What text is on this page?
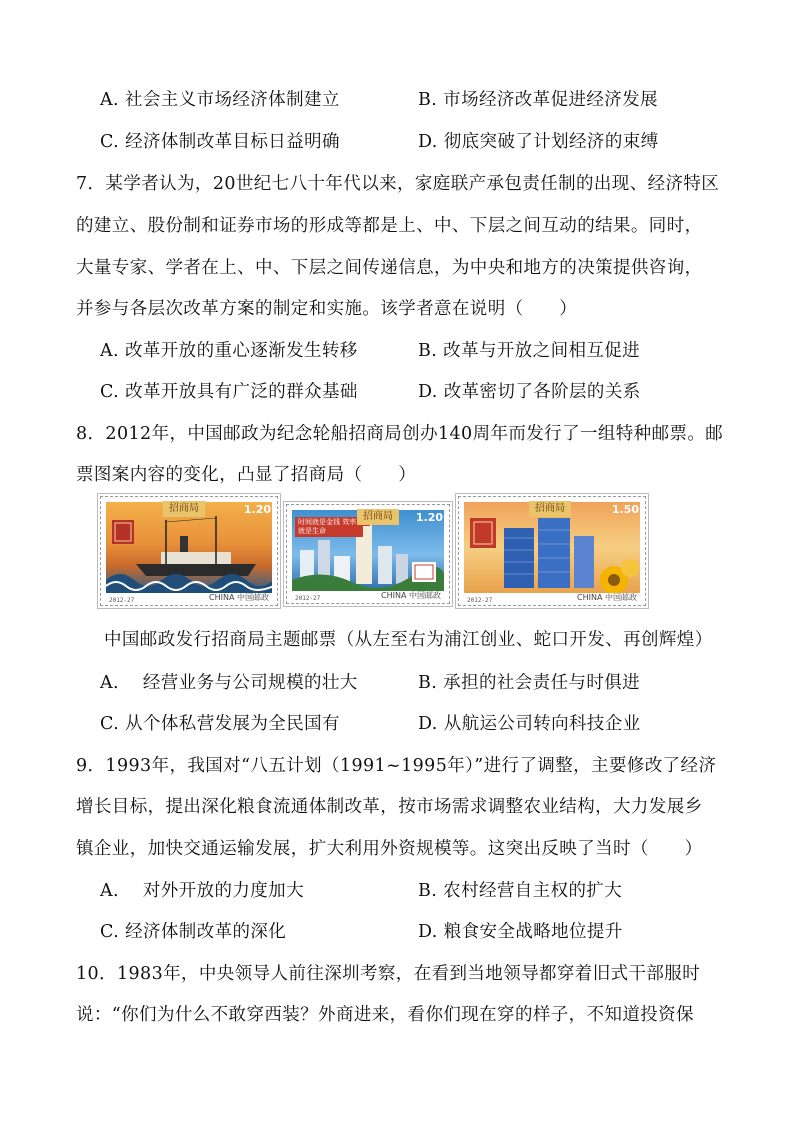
A. 社会主义市场经济体制建立	B. 市场经济改革促进经济发展
C. 经济体制改革目标日益明确	D. 彻底突破了计划经济的束缚
7．某学者认为，20世纪七八十年代以来，家庭联产承包责任制的出现、经济特区
的建立、股份制和证券市场的形成等都是上、中、下层之间互动的结果。同时，
大量专家、学者在上、中、下层之间传递信息，为中央和地方的决策提供咨询，
并参与各层次改革方案的制定和实施。该学者意在说明（　　）
A. 改革开放的重心逐渐发生转移	B. 改革与开放之间相互促进
C. 改革开放具有广泛的群众基础	D. 改革密切了各阶层的关系
8．2012年，中国邮政为纪念轮船招商局创办140周年而发行了一组特种邮票。邮
票图案内容的变化，凸显了招商局（　　）
招商局	1.20
2012-27	CHINA 中国邮政
时间就是金钱 效率就是生命
招商局	1.20
2012-27	CHINA 中国邮政
招商局	1.50
2012-27	CHINA 中国邮政
中国邮政发行招商局主题邮票（从左至右为浦江创业、蛇口开发、再创辉煌）
A.　 经营业务与公司规模的壮大	B. 承担的社会责任与时俱进
C. 从个体私营发展为全民国有	D. 从航运公司转向科技企业
9．1993年，我国对“八五计划（1991~1995年）”进行了调整，主要修改了经济
增长目标，提出深化粮食流通体制改革，按市场需求调整农业结构，大力发展乡
镇企业，加快交通运输发展，扩大利用外资规模等。这突出反映了当时（　　）
A.　 对外开放的力度加大	B. 农村经营自主权的扩大
C. 经济体制改革的深化	D. 粮食安全战略地位提升
10．1983年，中央领导人前往深圳考察，在看到当地领导都穿着旧式干部服时
说：“你们为什么不敢穿西装？外商进来，看你们现在穿的样子，不知道投资保
